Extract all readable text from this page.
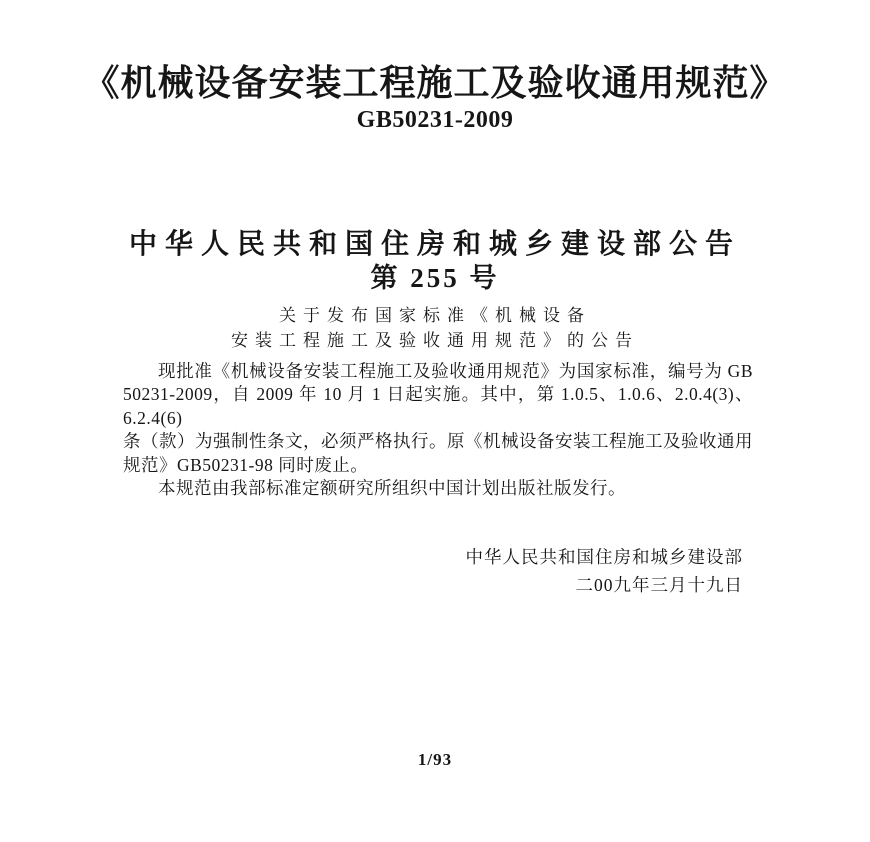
《机械设备安装工程施工及验收通用规范》
GB50231-2009
中华人民共和国住房和城乡建设部公告
第 255 号
关于发布国家标准《机械设备
安装工程施工及验收通用规范》的公告
现批准《机械设备安装工程施工及验收通用规范》为国家标准，编号为 GB
50231-2009，自 2009 年 10 月 1 日起实施。其中，第 1.0.5、1.0.6、2.0.4(3)、6.2.4(6)
条（款）为强制性条文，必须严格执行。原《机械设备安装工程施工及验收通用
规范》GB50231-98 同时废止。
本规范由我部标准定额研究所组织中国计划出版社版发行。
中华人民共和国住房和城乡建设部
二00九年三月十九日
1/93
